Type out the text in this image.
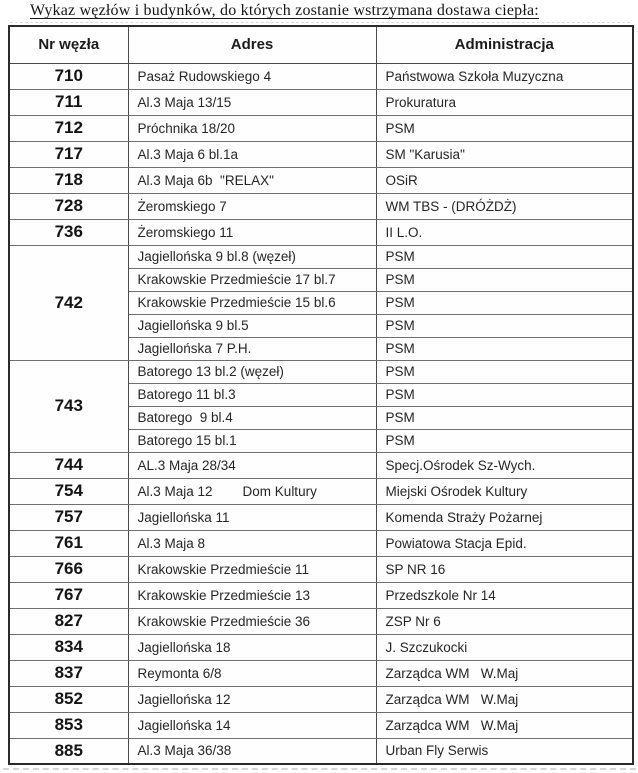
Wykaz węzłów i budynków, do których zostanie wstrzymana dostawa ciepła:
Nr węzła	Adres	Administracja
710	Pasaż Rudowskiego 4	Państwowa Szkoła Muzyczna
711	Al.3 Maja 13/15	Prokuratura
712	Próchnika 18/20	PSM
717	Al.3 Maja 6 bl.1a	SM "Karusia"
718	Al.3 Maja 6b  "RELAX"	OSiR
728	Żeromskiego 7	WM TBS - (DRÓŻDŻ)
736	Żeromskiego 11	II L.O.
742	Jagiellońska 9 bl.8 (węzeł)	PSM
	Krakowskie Przedmieście 17 bl.7	PSM
	Krakowskie Przedmieście 15 bl.6	PSM
	Jagiellońska 9 bl.5	PSM
	Jagiellońska 7 P.H.	PSM
743	Batorego 13 bl.2 (węzeł)	PSM
	Batorego 11 bl.3	PSM
	Batorego  9 bl.4	PSM
	Batorego 15 bl.1	PSM
744	AL.3 Maja 28/34	Specj.Ośrodek Sz-Wych.
754	Al.3 Maja 12        Dom Kultury	Miejski Ośrodek Kultury
757	Jagiellońska 11	Komenda Straży Pożarnej
761	Al.3 Maja 8	Powiatowa Stacja Epid.
766	Krakowskie Przedmieście 11	SP NR 16
767	Krakowskie Przedmieście 13	Przedszkole Nr 14
827	Krakowskie Przedmieście 36	ZSP Nr 6
834	Jagiellońska 18	J. Szczukocki
837	Reymonta 6/8	Zarządca WM   W.Maj
852	Jagiellońska 12	Zarządca WM   W.Maj
853	Jagiellońska 14	Zarządca WM   W.Maj
885	Al.3 Maja 36/38	Urban Fly Serwis
